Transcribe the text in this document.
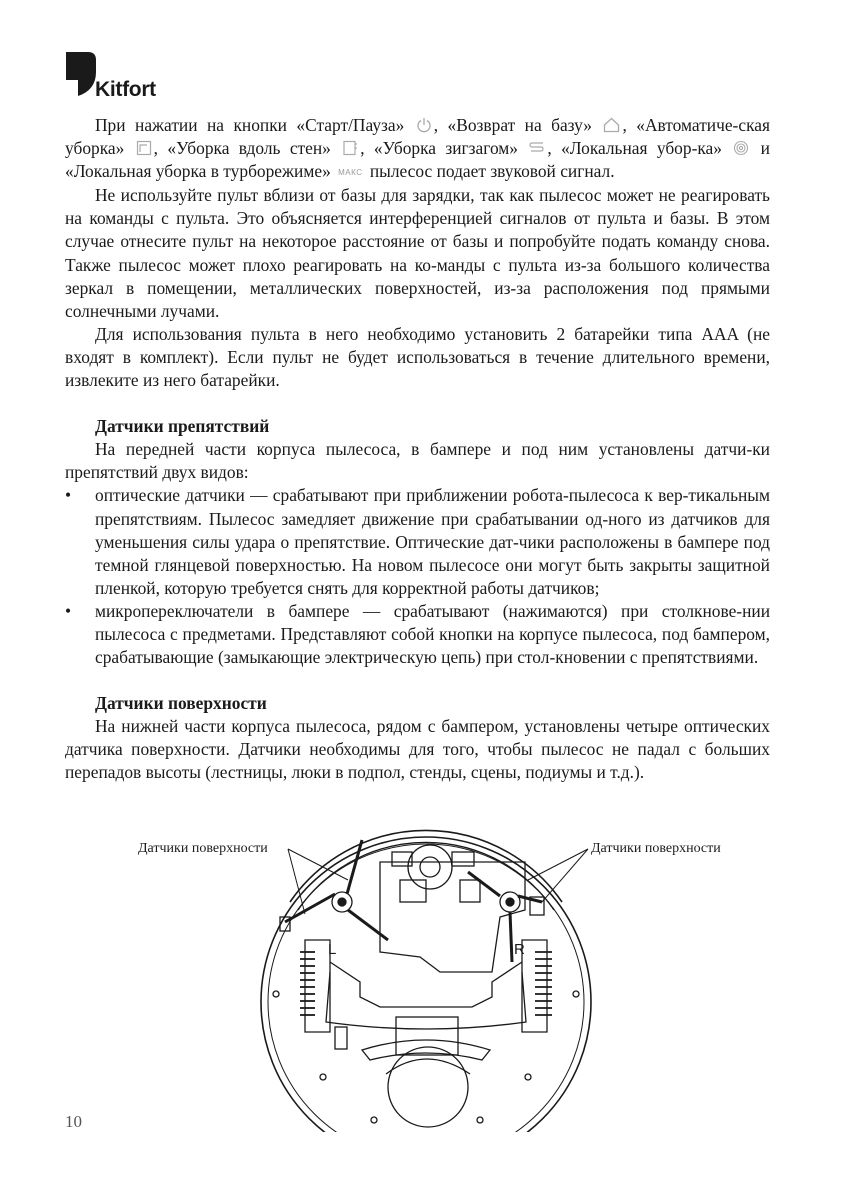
Kitfort

При нажатии на кнопки «Старт/Пауза» , «Возврат на базу» , «Автоматиче-ская уборка» , «Уборка вдоль стен» , «Уборка зигзагом» , «Локальная убор-ка»  и «Локальная уборка в турборежиме» МАКС пылесос подает звуковой сигнал.

Не используйте пульт вблизи от базы для зарядки, так как пылесос может не реагировать на команды с пульта. Это объясняется интерференцией сигналов от пульта и базы. В этом случае отнесите пульт на некоторое расстояние от базы и попробуйте подать команду снова. Также пылесос может плохо реагировать на ко-манды с пульта из-за большого количества зеркал в помещении, металлических поверхностей, из-за расположения под прямыми солнечными лучами.

Для использования пульта в него необходимо установить 2 батарейки типа AAA (не входят в комплект). Если пульт не будет использоваться в течение длительного времени, извлеките из него батарейки.

Датчики препятствий

На передней части корпуса пылесоса, в бампере и под ним установлены датчи-ки препятствий двух видов:

• оптические датчики — срабатывают при приближении робота-пылесоса к вер-тикальным препятствиям. Пылесос замедляет движение при срабатывании од-ного из датчиков для уменьшения силы удара о препятствие. Оптические дат-чики расположены в бампере под темной глянцевой поверхностью. На новом пылесосе они могут быть закрыты защитной пленкой, которую требуется снять для корректной работы датчиков;
• микропереключатели в бампере — срабатывают (нажимаются) при столкнове-нии пылесоса с предметами. Представляют собой кнопки на корпусе пылесоса, под бампером, срабатывающие (замыкающие электрическую цепь) при стол-кновении с препятствиями.
Датчики поверхности

На нижней части корпуса пылесоса, рядом с бампером, установлены четыре оптических датчика поверхности. Датчики необходимы для того, чтобы пылесос не падал с больших перепадов высоты (лестницы, люки в подпол, стенды, сцены, подиумы и т.д.).

Датчики поверхности	Датчики поверхности
L	R
10
